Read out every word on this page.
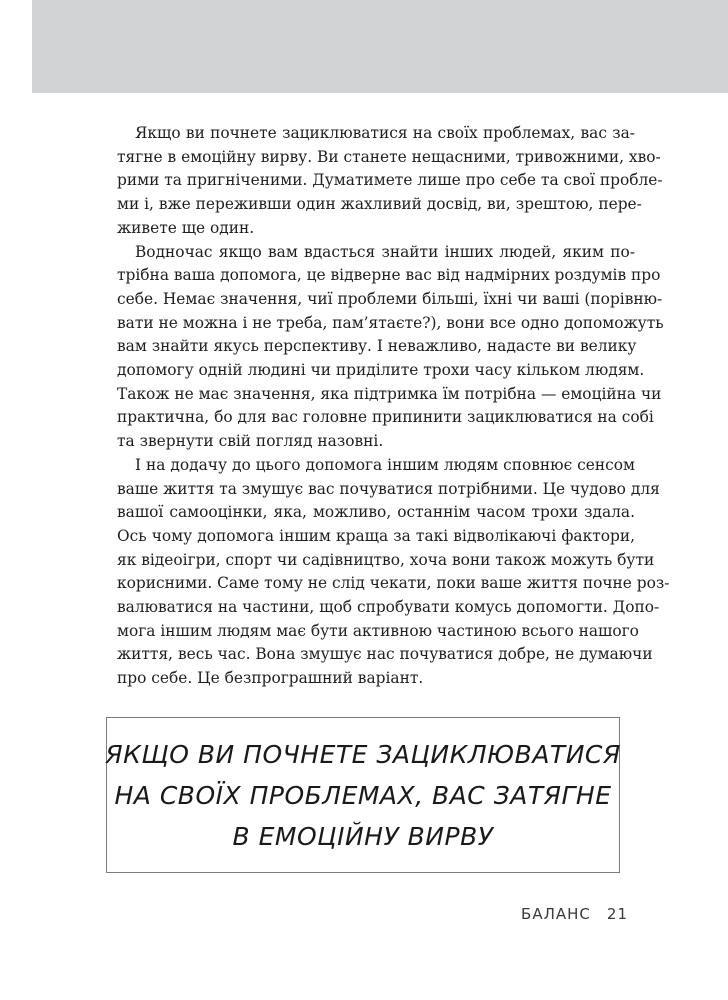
Якщо ви почнете зациклюватися на своїх проблемах, вас за-
тягне в емоційну вирву. Ви станете нещасними, тривожними, хво-
рими та пригніченими. Думатимете лише про себе та свої пробле-
ми і, вже переживши один жахливий досвід, ви, зрештою, пере-
живете ще один.

Водночас якщо вам вдасться знайти інших людей, яким по-
трібна ваша допомога, це відверне вас від надмірних роздумів про
себе. Немає значення, чиї проблеми більші, їхні чи ваші (порівню-
вати не можна і не треба, пам’ятаєте?), вони все одно допоможуть
вам знайти якусь перспективу. І неважливо, надасте ви велику
допомогу одній людині чи приділите трохи часу кільком людям.
Також не має значення, яка підтримка їм потрібна — емоційна чи
практична, бо для вас головне припинити зациклюватися на собі
та звернути свій погляд назовні.

І на додачу до цього допомога іншим людям сповнює сенсом
ваше життя та змушує вас почуватися потрібними. Це чудово для
вашої самооцінки, яка, можливо, останнім часом трохи здала.
Ось чому допомога іншим краща за такі відволікаючі фактори,
як відеоігри, спорт чи садівництво, хоча вони також можуть бути
корисними. Саме тому не слід чекати, поки ваше життя почне роз-
валюватися на частини, щоб спробувати комусь допомогти. Допо-
мога іншим людям має бути активною частиною всього нашого
життя, весь час. Вона змушує нас почуватися добре, не думаючи
про себе. Це безпрограшний варіант.

ЯКЩО ВИ ПОЧНЕТЕ ЗАЦИКЛЮВАТИСЯ
НА СВОЇХ ПРОБЛЕМАХ, ВАС ЗАТЯГНЕ
В ЕМОЦІЙНУ ВИРВУ
БАЛАНС 21
